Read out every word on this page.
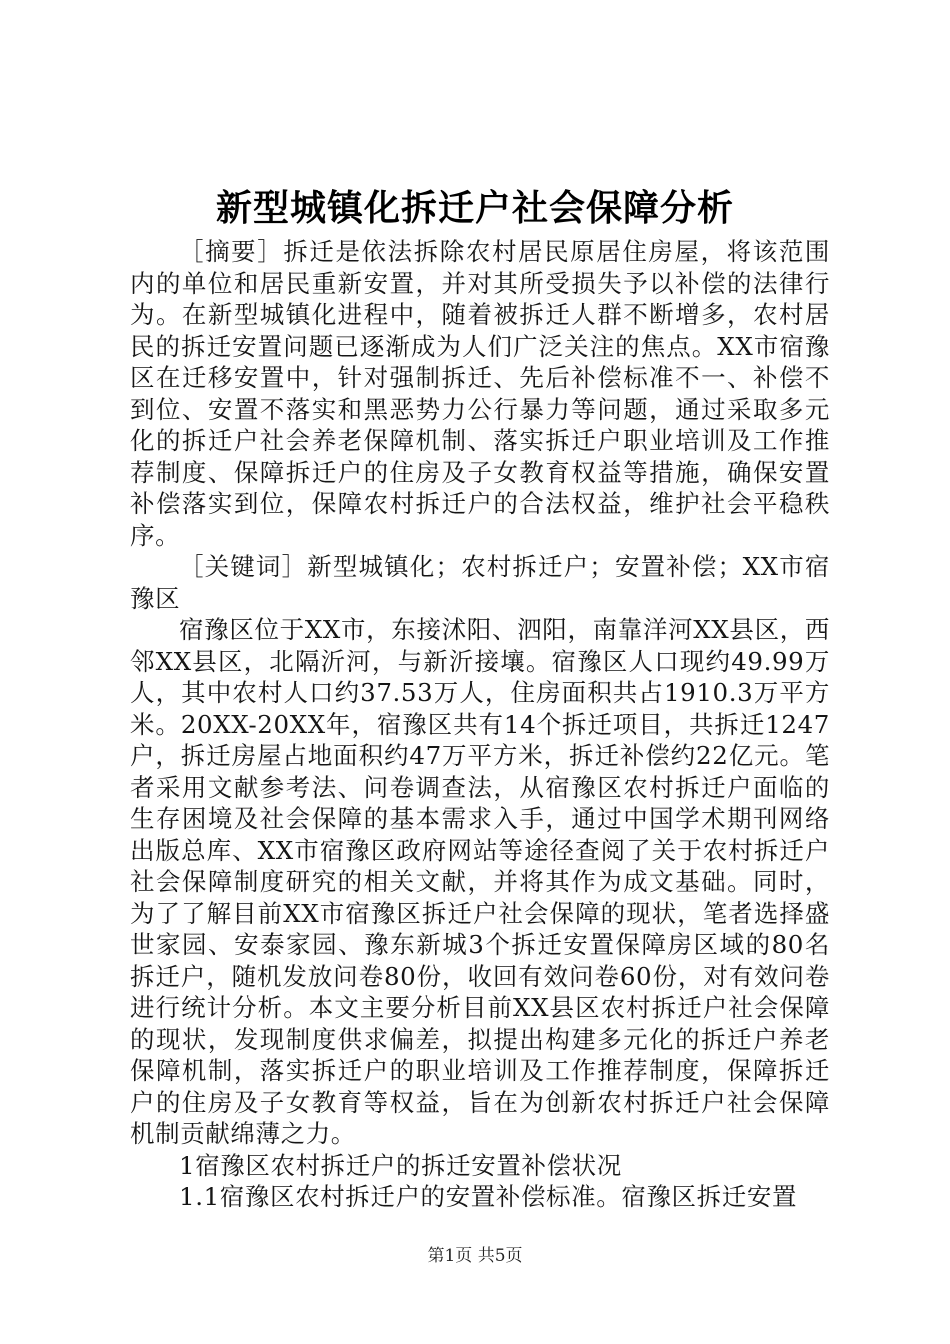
新型城镇化拆迁户社会保障分析

［摘要］拆迁是依法拆除农村居民原居住房屋，将该范围内的单位和居民重新安置，并对其所受损失予以补偿的法律行为。在新型城镇化进程中，随着被拆迁人群不断增多，农村居民的拆迁安置问题已逐渐成为人们广泛关注的焦点。XX市宿豫区在迁移安置中，针对强制拆迁、先后补偿标准不一、补偿不到位、安置不落实和黑恶势力公行暴力等问题，通过采取多元化的拆迁户社会养老保障机制、落实拆迁户职业培训及工作推荐制度、保障拆迁户的住房及子女教育权益等措施，确保安置补偿落实到位，保障农村拆迁户的合法权益，维护社会平稳秩序。

［关键词］新型城镇化；农村拆迁户；安置补偿；XX市宿豫区

宿豫区位于XX市，东接沭阳、泗阳，南靠洋河XX县区，西邻XX县区，北隔沂河，与新沂接壤。宿豫区人口现约49.99万人，其中农村人口约37.53万人，住房面积共占1910.3万平方米。20XX-20XX年，宿豫区共有14个拆迁项目，共拆迁1247户，拆迁房屋占地面积约47万平方米，拆迁补偿约22亿元。笔者采用文献参考法、问卷调查法，从宿豫区农村拆迁户面临的生存困境及社会保障的基本需求入手，通过中国学术期刊网络出版总库、XX市宿豫区政府网站等途径查阅了关于农村拆迁户社会保障制度研究的相关文献，并将其作为成文基础。同时，为了了解目前XX市宿豫区拆迁户社会保障的现状，笔者选择盛世家园、安泰家园、豫东新城3个拆迁安置保障房区域的80名拆迁户，随机发放问卷80份，收回有效问卷60份，对有效问卷进行统计分析。本文主要分析目前XX县区农村拆迁户社会保障的现状，发现制度供求偏差，拟提出构建多元化的拆迁户养老保障机制，落实拆迁户的职业培训及工作推荐制度，保障拆迁户的住房及子女教育等权益，旨在为创新农村拆迁户社会保障机制贡献绵薄之力。

1宿豫区农村拆迁户的拆迁安置补偿状况

1.1宿豫区农村拆迁户的安置补偿标准。宿豫区拆迁安置

第1页 共5页
